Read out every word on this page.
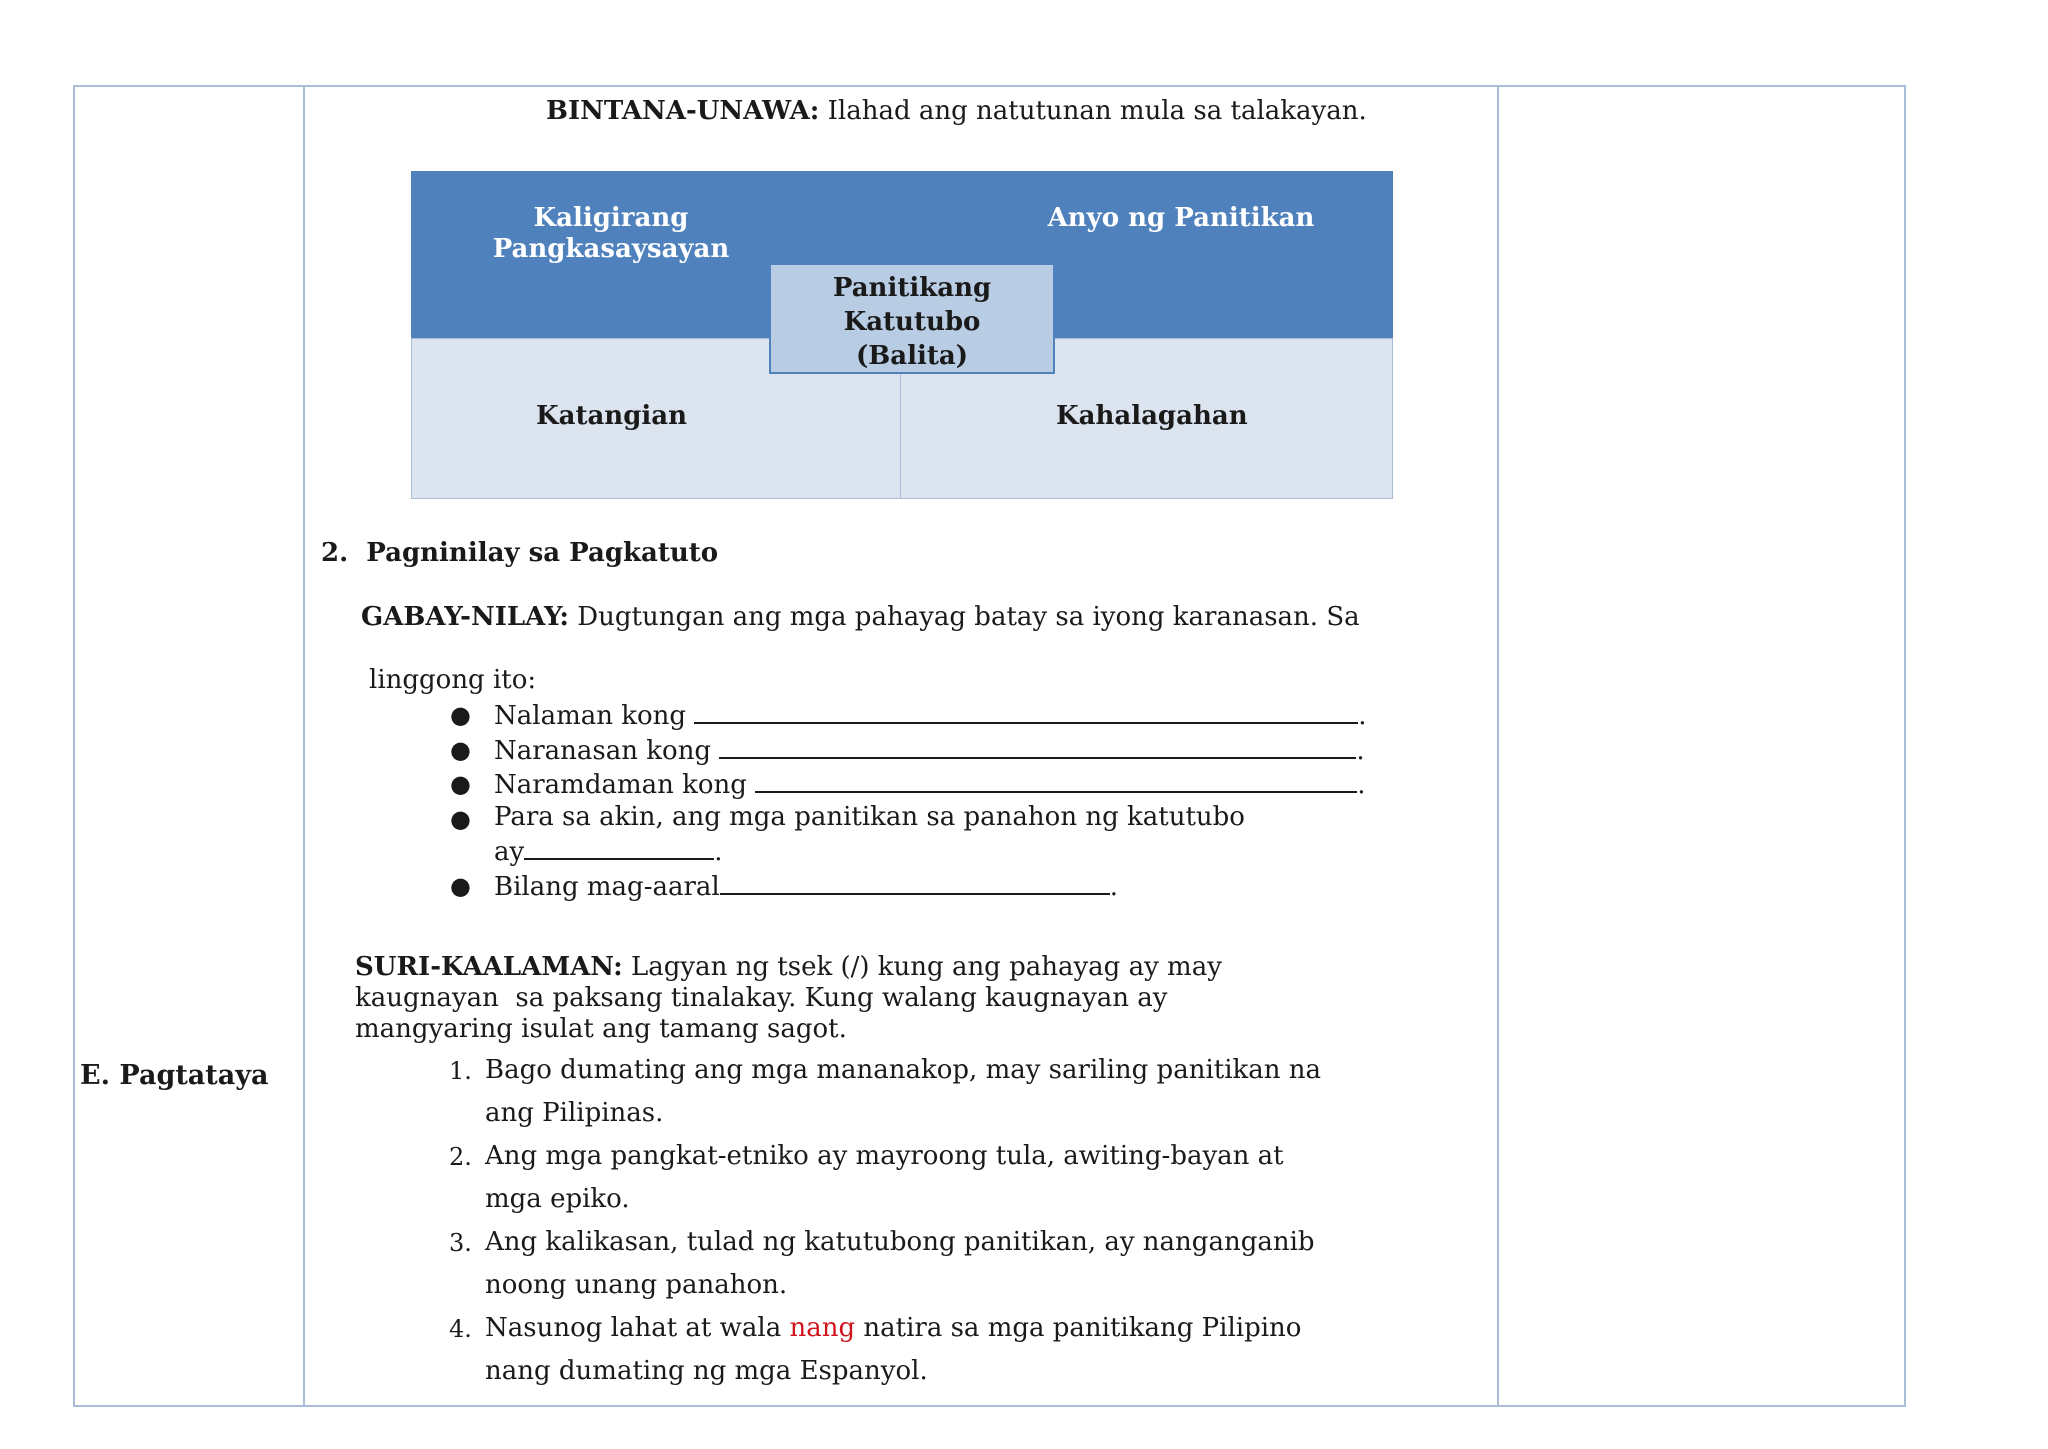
E. Pagtataya
BINTANA-UNAWA: Ilahad ang natutunan mula sa talakayan.
Kaligirang
Pangkasaysayan
Anyo ng Panitikan
Panitikang
Katutubo
(Balita)
Katangian	Kahalagahan
2. Pagninilay sa Pagkatuto
GABAY-NILAY: Dugtungan ang mga pahayag batay sa iyong karanasan. Sa
linggong ito:
● Nalaman kong	.
● Naranasan kong	.
● Naramdaman kong	.
● Para sa akin, ang mga panitikan sa panahon ng katutubo
ay	.
● Bilang mag-aaral	.
SURI-KAALAMAN: Lagyan ng tsek (/) kung ang pahayag ay may
kaugnayan  sa paksang tinalakay. Kung walang kaugnayan ay
mangyaring isulat ang tamang sagot.
1. Bago dumating ang mga mananakop, may sariling panitikan na
ang Pilipinas.
2. Ang mga pangkat-etniko ay mayroong tula, awiting-bayan at
mga epiko.
3. Ang kalikasan, tulad ng katutubong panitikan, ay nanganganib
noong unang panahon.
4. Nasunog lahat at wala nang natira sa mga panitikang Pilipino
nang dumating ng mga Espanyol.
